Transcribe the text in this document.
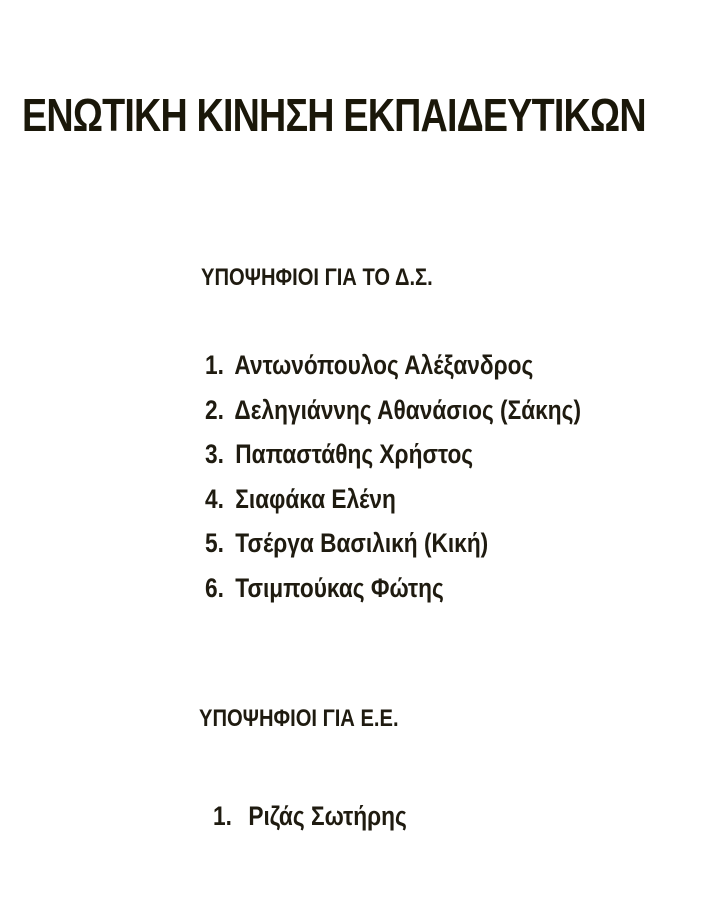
ΕΝΩΤΙΚΗ ΚΙΝΗΣΗ ΕΚΠΑΙΔΕΥΤΙΚΩΝ
ΥΠΟΨΗΦΙΟΙ ΓΙΑ ΤΟ Δ.Σ.
1. Αντωνόπουλος Αλέξανδρος
2. Δεληγιάννης Αθανάσιος (Σάκης)
3. Παπαστάθης Χρήστος
4. Σιαφάκα Ελένη
5. Τσέργα Βασιλική (Κική)
6. Τσιμπούκας Φώτης
ΥΠΟΨΗΦΙΟΙ ΓΙΑ Ε.Ε.
1. Ριζάς Σωτήρης
